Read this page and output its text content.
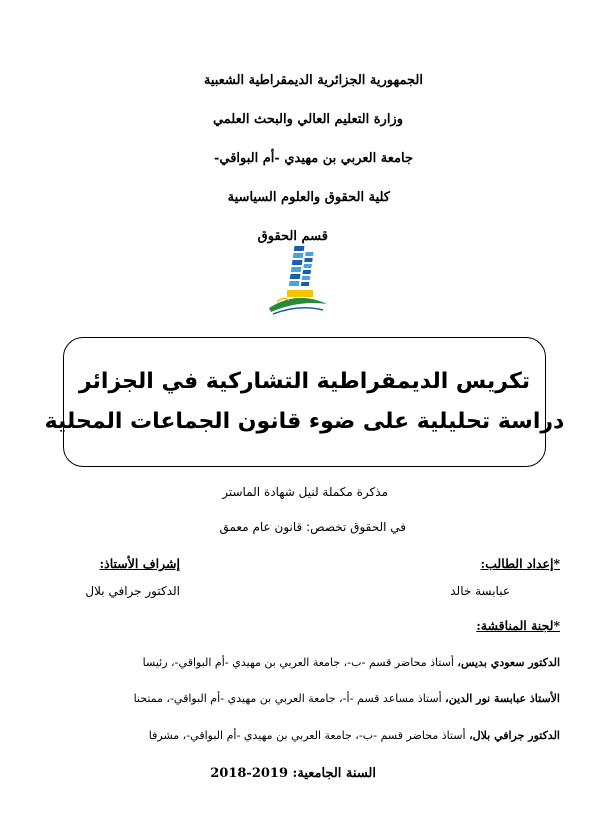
الجمهورية الجزائرية الديمقراطية الشعبية
وزارة التعليم العالي والبحث العلمي
جامعة العربي بن مهيدي -أم البواقي-
كلية الحقوق والعلوم السياسية
قسم الحقوق
تكريس الديمقراطية التشاركية في الجزائر
دراسة تحليلية على ضوء قانون الجماعات المحلية
مذكرة مكملة لنيل شهادة الماستر
في الحقوق تخصص: قانون عام معمق
*إعداد الطالب:
عبابسة خالد
إشراف الأستاذ:
الدكتور جرافي بلال
*لجنة المناقشة:
الدكتور سعودي بديس، أستاذ محاضر قسم -ب-، جامعة العربي بن مهيدي -أم البواقي-، رئيسا
الأستاذ عبابسة نور الدين، أستاذ مساعد قسم -أ-، جامعة العربي بن مهيدي -أم البواقي-، ممتحنا
الدكتور جرافي بلال، أستاذ محاضر قسم -ب-، جامعة العربي بن مهيدي -أم البواقي-، مشرفا
السنة الجامعية: 2018-2019
